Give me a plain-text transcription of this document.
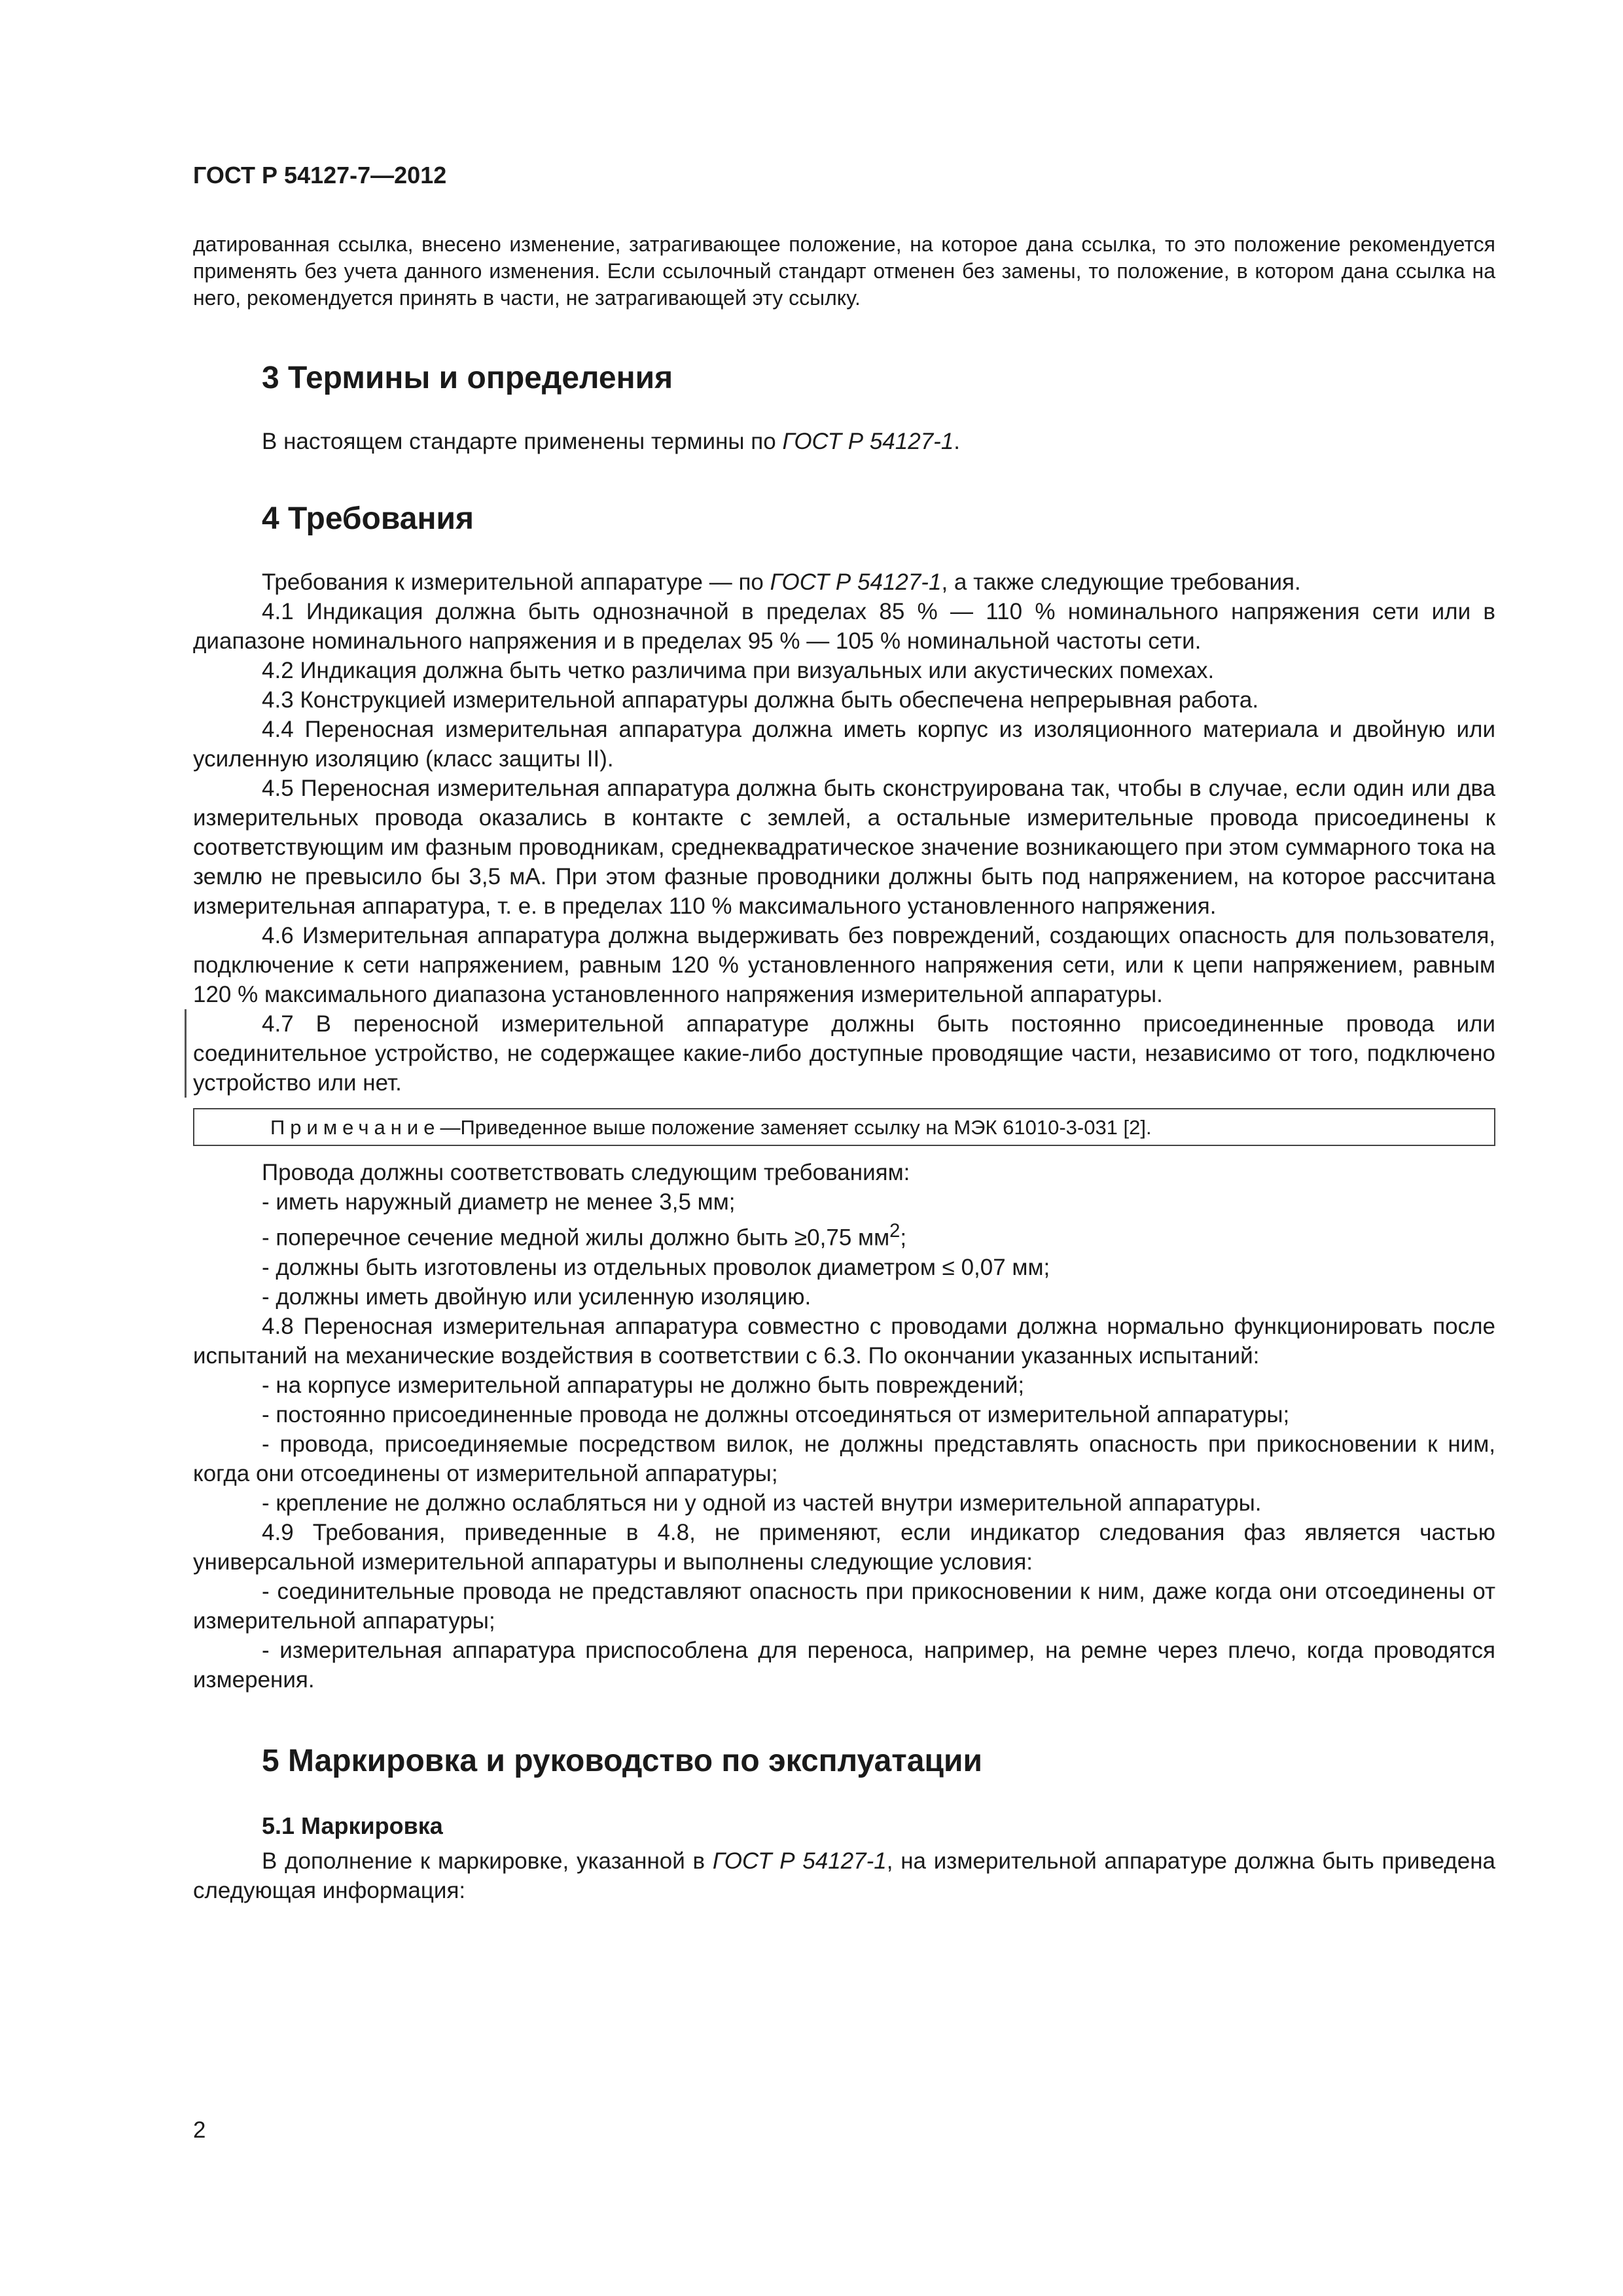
ГОСТ Р 54127-7—2012

датированная ссылка, внесено изменение, затрагивающее положение, на которое дана ссылка, то это положение рекомендуется применять без учета данного изменения. Если ссылочный стандарт отменен без замены, то положение, в котором дана ссылка на него, рекомендуется принять в части, не затрагивающей эту ссылку.

3 Термины и определения

В настоящем стандарте применены термины по ГОСТ Р 54127-1.

4 Требования

Требования к измерительной аппаратуре — по ГОСТ Р 54127-1, а также следующие требования.

4.1 Индикация должна быть однозначной в пределах 85 % — 110 % номинального напряжения сети или в диапазоне номинального напряжения и в пределах 95 % — 105 % номинальной частоты сети.

4.2 Индикация должна быть четко различима при визуальных или акустических помехах.

4.3 Конструкцией измерительной аппаратуры должна быть обеспечена непрерывная работа.

4.4 Переносная измерительная аппаратура должна иметь корпус из изоляционного материала и двойную или усиленную изоляцию (класс защиты II).

4.5 Переносная измерительная аппаратура должна быть сконструирована так, чтобы в случае, если один или два измерительных провода оказались в контакте с землей, а остальные измерительные провода присоединены к соответствующим им фазным проводникам, среднеквадратическое значение возникающего при этом суммарного тока на землю не превысило бы 3,5 мА. При этом фазные проводники должны быть под напряжением, на которое рассчитана измерительная аппаратура, т. е. в пределах 110 % максимального установленного напряжения.

4.6 Измерительная аппаратура должна выдерживать без повреждений, создающих опасность для пользователя, подключение к сети напряжением, равным 120 % установленного напряжения сети, или к цепи напряжением, равным 120 % максимального диапазона установленного напряжения измерительной аппаратуры.

4.7 В переносной измерительной аппаратуре должны быть постоянно присоединенные провода или соединительное устройство, не содержащее какие-либо доступные проводящие части, независимо от того, подключено устройство или нет.

Примечание—Приведенное выше положение заменяет ссылку на МЭК 61010-3-031 [2].

Провода должны соответствовать следующим требованиям:

- иметь наружный диаметр не менее 3,5 мм;

- поперечное сечение медной жилы должно быть ≥0,75 $мм^2$;

- должны быть изготовлены из отдельных проволок диаметром ≤ 0,07 мм;

- должны иметь двойную или усиленную изоляцию.

4.8 Переносная измерительная аппаратура совместно с проводами должна нормально функционировать после испытаний на механические воздействия в соответствии с 6.3. По окончании указанных испытаний:

- на корпусе измерительной аппаратуры не должно быть повреждений;

- постоянно присоединенные провода не должны отсоединяться от измерительной аппаратуры;

- провода, присоединяемые посредством вилок, не должны представлять опасность при прикосновении к ним, когда они отсоединены от измерительной аппаратуры;

- крепление не должно ослабляться ни у одной из частей внутри измерительной аппаратуры.

4.9 Требования, приведенные в 4.8, не применяют, если индикатор следования фаз является частью универсальной измерительной аппаратуры и выполнены следующие условия:

- соединительные провода не представляют опасность при прикосновении к ним, даже когда они отсоединены от измерительной аппаратуры;

- измерительная аппаратура приспособлена для переноса, например, на ремне через плечо, когда проводятся измерения.

5 Маркировка и руководство по эксплуатации
5.1 Маркировка

В дополнение к маркировке, указанной в ГОСТ Р 54127-1, на измерительной аппаратуре должна быть приведена следующая информация:

2
